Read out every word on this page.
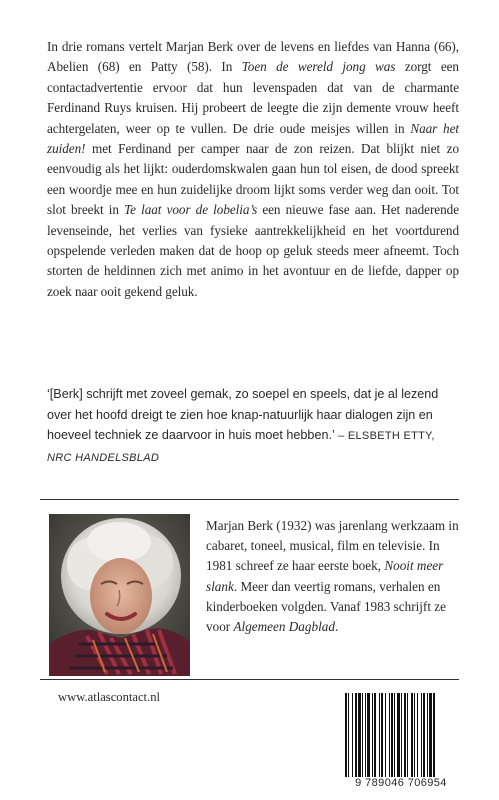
In drie romans vertelt Marjan Berk over de levens en liefdes van Hanna (66), Abelien (68) en Patty (58). In Toen de wereld jong was zorgt een contactadvertentie ervoor dat hun levenspaden dat van de charmante Ferdinand Ruys kruisen. Hij probeert de leegte die zijn demente vrouw heeft achtergelaten, weer op te vullen. De drie oude meisjes willen in Naar het zuiden! met Ferdinand per camper naar de zon reizen. Dat blijkt niet zo eenvoudig als het lijkt: ouderdomskwalen gaan hun tol eisen, de dood spreekt een woordje mee en hun zuidelijke droom lijkt soms verder weg dan ooit. Tot slot breekt in Te laat voor de lobelia’s een nieuwe fase aan. Het naderende levenseinde, het verlies van fysieke aantrekkelijkheid en het voortdurend opspelende verleden maken dat de hoop op geluk steeds meer afneemt. Toch storten de heldinnen zich met animo in het avontuur en de liefde, dapper op zoek naar ooit gekend geluk.

‘[Berk] schrijft met zoveel gemak, zo soepel en speels, dat je al lezend over het hoofd dreigt te zien hoe knap-natuurlijk haar dialogen zijn en hoeveel techniek ze daarvoor in huis moet hebben.’ – ELSBETH ETTY, NRC HANDELSBLAD

Marjan Berk (1932) was jarenlang werkzaam in cabaret, toneel, musical, film en televisie. In 1981 schreef ze haar eerste boek, Nooit meer slank. Meer dan veertig romans, verhalen en kinderboeken volgden. Vanaf 1983 schrijft ze voor Algemeen Dagblad.

www.atlascontact.nl

9 789046 706954
